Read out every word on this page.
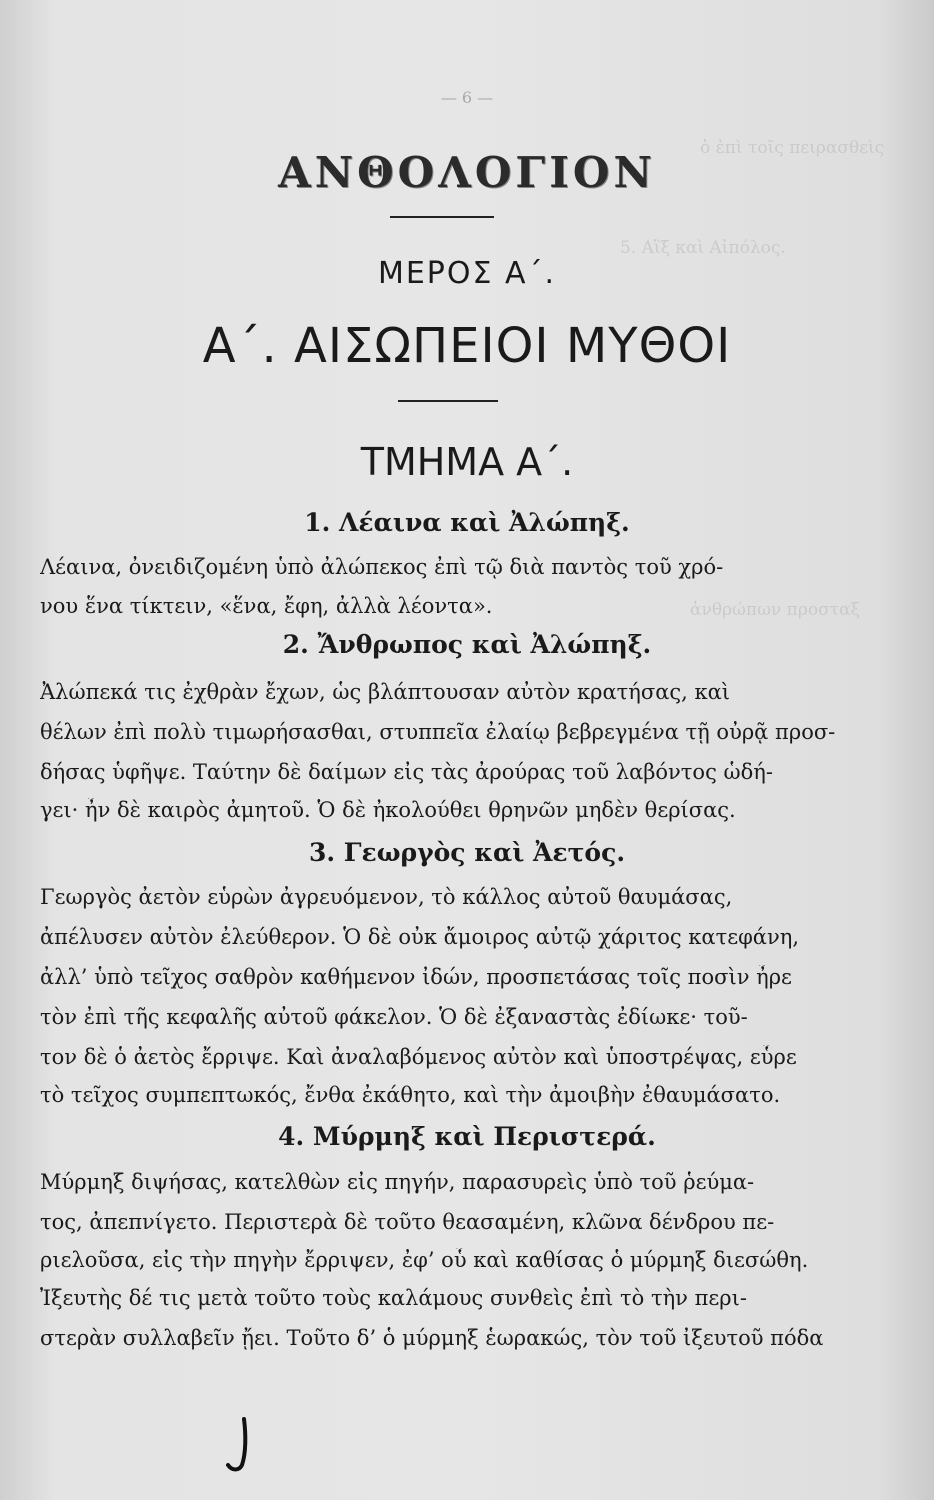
ὁ ἐπὶ τοῖς πειρασθεὶς
5. Αἲξ καὶ Αἰπόλος.
ἀνθρώπων προσταξ
— 6 —
ΑΝΘΟΛΟΓΙΟΝ
ΜΕΡΟΣ Α΄.
Α΄. ΑΙΣΩΠΕΙΟΙ ΜΥΘΟΙ
ΤΜΗΜΑ Α΄.
1. Λέαινα καὶ Ἀλώπηξ.
Λέαινα, ὀνειδιζομένη ὑπὸ ἀλώπεκος ἐπὶ τῷ διὰ παντὸς τοῦ χρό-
νου ἕνα τίκτειν, «ἕνα, ἔφη, ἀλλὰ λέοντα».
2. Ἄνθρωπος καὶ Ἀλώπηξ.
Ἀλώπεκά τις ἐχθρὰν ἔχων, ὡς βλάπτουσαν αὐτὸν κρατήσας, καὶ
θέλων ἐπὶ πολὺ τιμωρήσασθαι, στυππεῖα ἐλαίῳ βεβρεγμένα τῇ οὐρᾷ προσ-
δήσας ὑφῆψε. Ταύτην δὲ δαίμων εἰς τὰς ἀρούρας τοῦ λαβόντος ὡδή-
γει· ἦν δὲ καιρὸς ἀμητοῦ. Ὁ δὲ ἠκολούθει θρηνῶν μηδὲν θερίσας.
3. Γεωργὸς καὶ Ἀετός.
Γεωργὸς ἀετὸν εὑρὼν ἀγρευόμενον, τὸ κάλλος αὐτοῦ θαυμάσας,
ἀπέλυσεν αὐτὸν ἐλεύθερον. Ὁ δὲ οὐκ ἄμοιρος αὐτῷ χάριτος κατεφάνη,
ἀλλ’ ὑπὸ τεῖχος σαθρὸν καθήμενον ἰδών, προσπετάσας τοῖς ποσὶν ἦρε
τὸν ἐπὶ τῆς κεφαλῆς αὐτοῦ φάκελον. Ὁ δὲ ἐξαναστὰς ἐδίωκε· τοῦ-
τον δὲ ὁ ἀετὸς ἔρριψε. Καὶ ἀναλαβόμενος αὐτὸν καὶ ὑποστρέψας, εὗρε
τὸ τεῖχος συμπεπτωκός, ἔνθα ἐκάθητο, καὶ τὴν ἀμοιβὴν ἐθαυμάσατο.
4. Μύρμηξ καὶ Περιστερά.
Μύρμηξ διψήσας, κατελθὼν εἰς πηγήν, παρασυρεὶς ὑπὸ τοῦ ῥεύμα-
τος, ἀπεπνίγετο. Περιστερὰ δὲ τοῦτο θεασαμένη, κλῶνα δένδρου πε-
ριελοῦσα, εἰς τὴν πηγὴν ἔρριψεν, ἐφ’ οὗ καὶ καθίσας ὁ μύρμηξ διεσώθη.
Ἰξευτὴς δέ τις μετὰ τοῦτο τοὺς καλάμους συνθεὶς ἐπὶ τὸ τὴν περι-
στερὰν συλλαβεῖν ᾔει. Τοῦτο δ’ ὁ μύρμηξ ἑωρακώς, τὸν τοῦ ἰξευτοῦ πόδα
